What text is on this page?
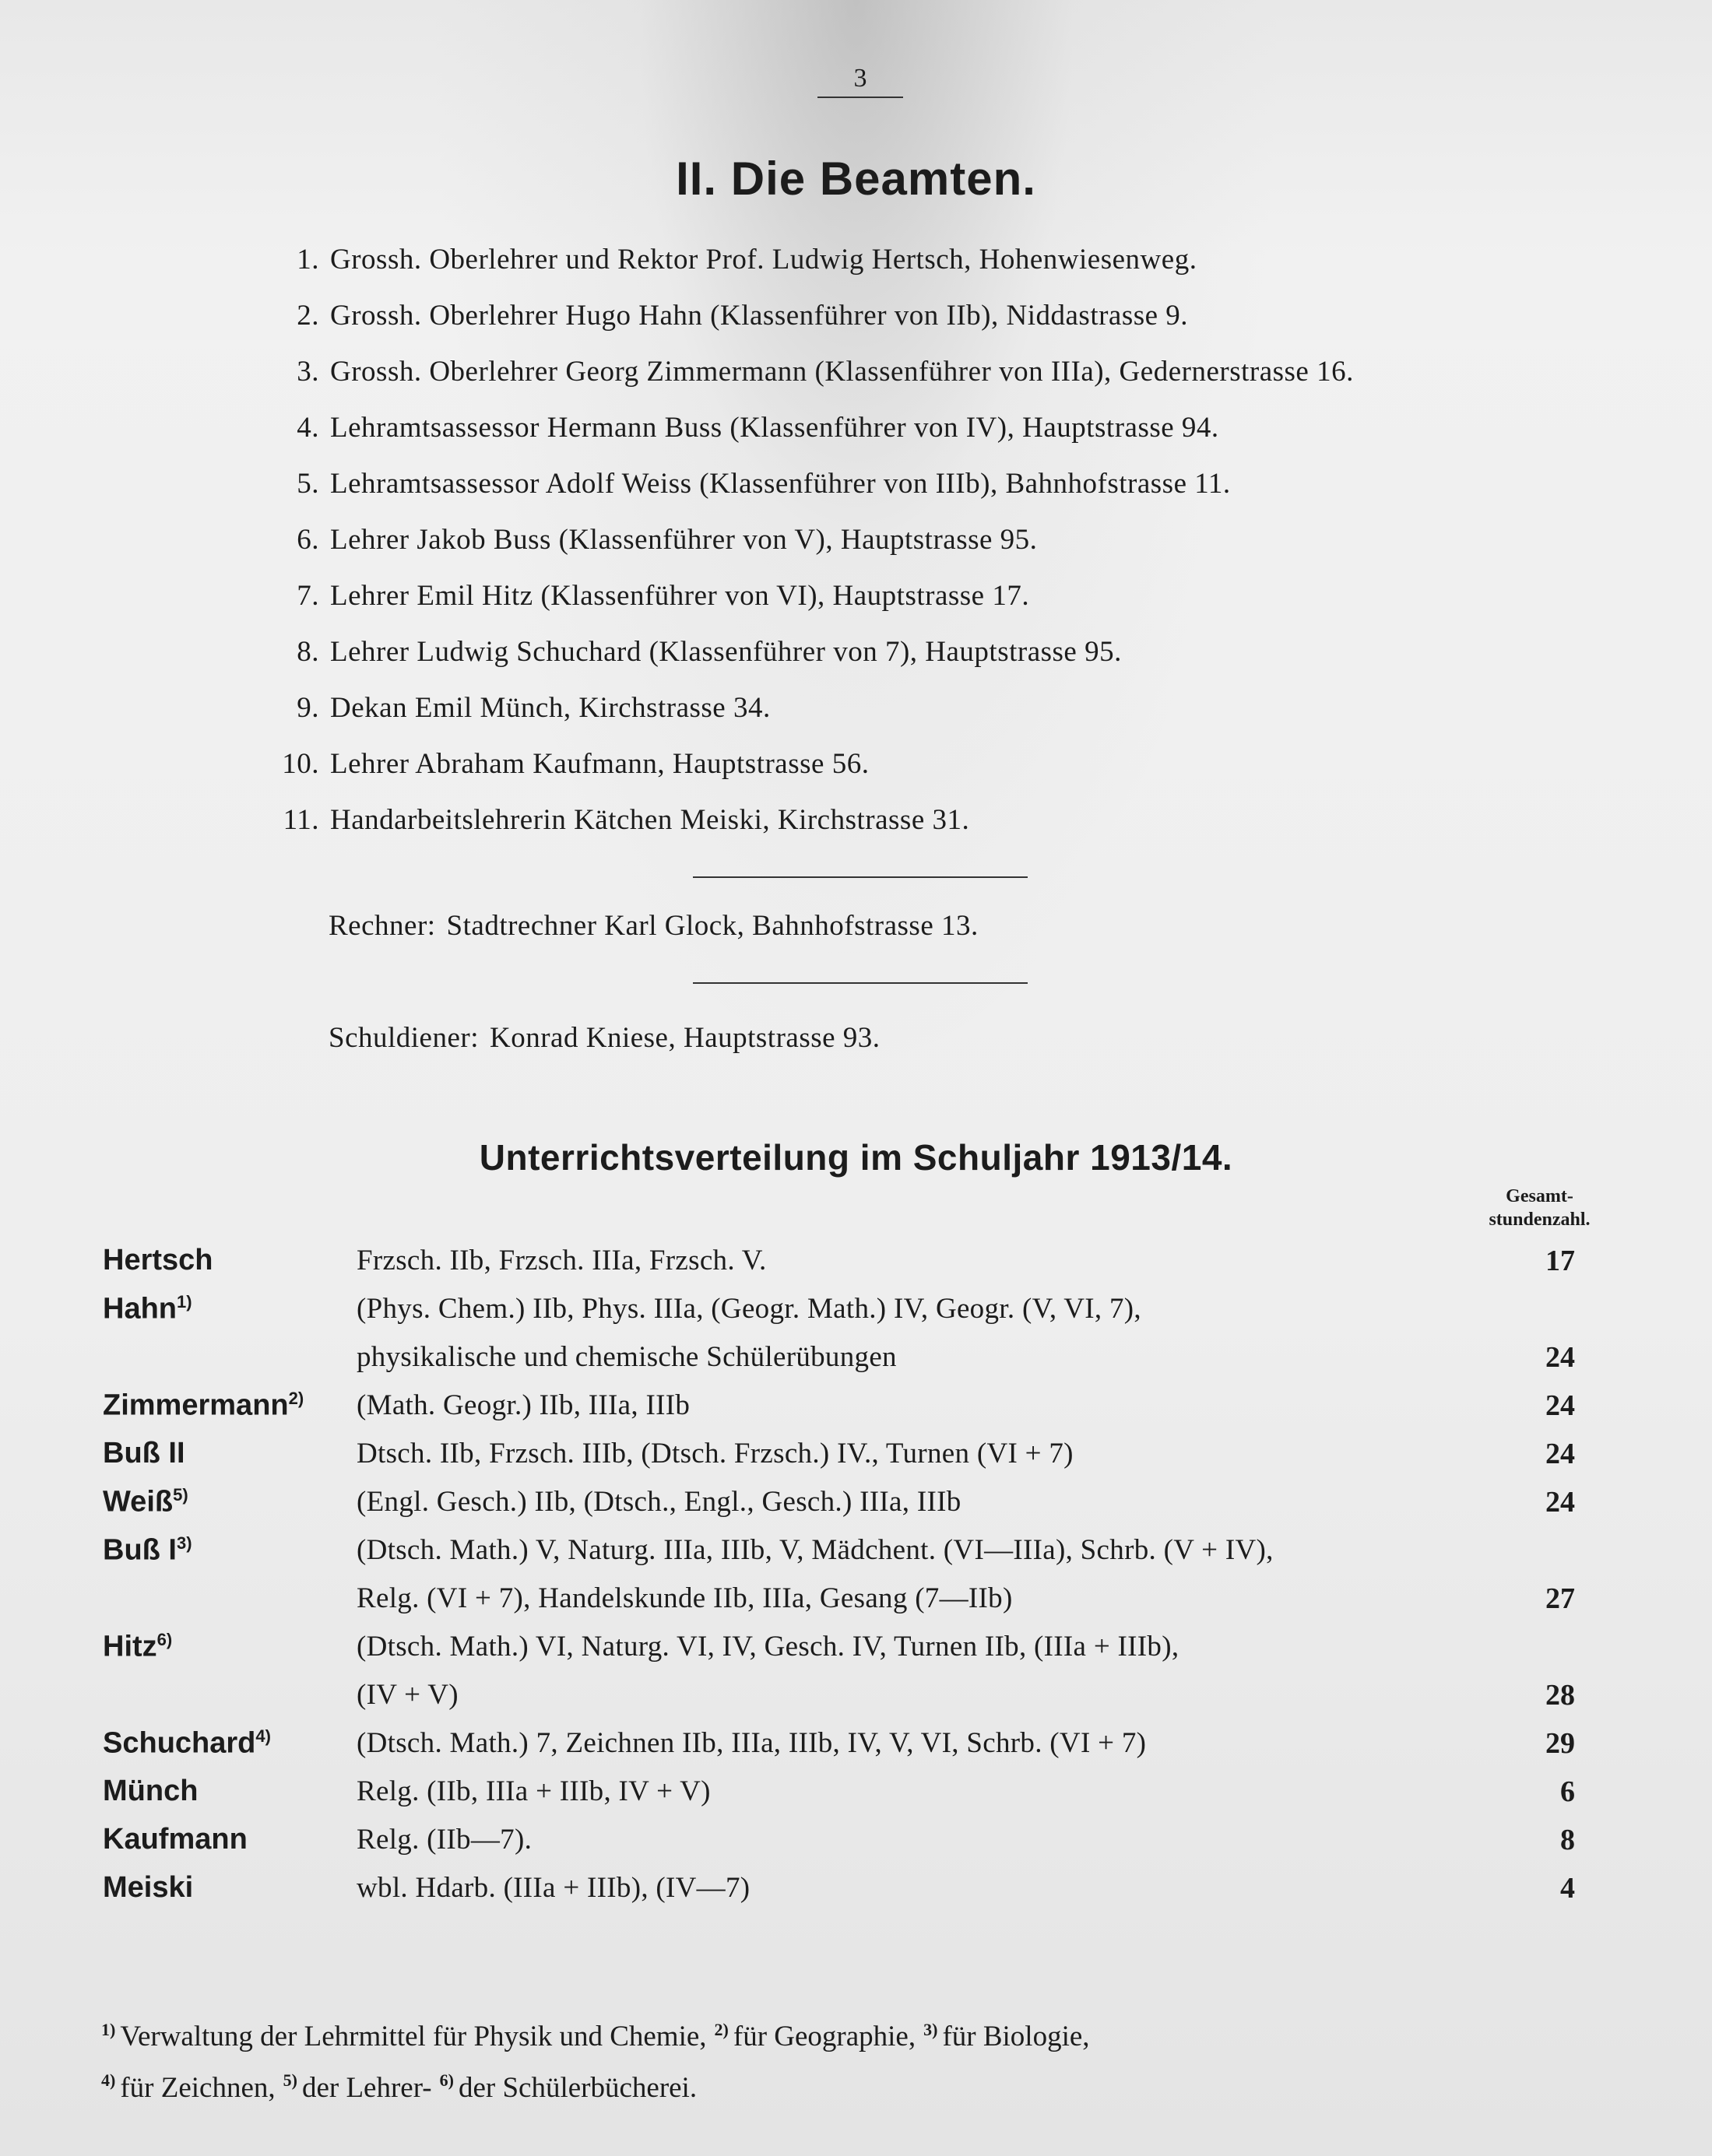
3
II. Die Beamten.
1. Grossh. Oberlehrer und Rektor Prof. Ludwig Hertsch, Hohenwiesenweg.
2. Grossh. Oberlehrer Hugo Hahn (Klassenführer von IIb), Niddastrasse 9.
3. Grossh. Oberlehrer Georg Zimmermann (Klassenführer von IIIa), Gedernerstrasse 16.
4. Lehramtsassessor Hermann Buss (Klassenführer von IV), Hauptstrasse 94.
5. Lehramtsassessor Adolf Weiss (Klassenführer von IIIb), Bahnhofstrasse 11.
6. Lehrer Jakob Buss (Klassenführer von V), Hauptstrasse 95.
7. Lehrer Emil Hitz (Klassenführer von VI), Hauptstrasse 17.
8. Lehrer Ludwig Schuchard (Klassenführer von 7), Hauptstrasse 95.
9. Dekan Emil Münch, Kirchstrasse 34.
10. Lehrer Abraham Kaufmann, Hauptstrasse 56.
11. Handarbeitslehrerin Kätchen Meiski, Kirchstrasse 31.
Rechner: Stadtrechner Karl Glock, Bahnhofstrasse 13.
Schuldiener: Konrad Kniese, Hauptstrasse 93.
Unterrichtsverteilung im Schuljahr 1913/14.
Gesamt-
stundenzahl.
Hertsch	Frzsch. IIb, Frzsch. IIIa, Frzsch. V.	17
Hahn$^{1)}$	(Phys. Chem.) IIb, Phys. IIIa, (Geogr. Math.) IV, Geogr. (V, VI, 7),
physikalische und chemische Schülerübungen	24
Zimmermann$^{2)}$ (Math. Geogr.) IIb, IIIa, IIIb	24
Buß II	Dtsch. IIb, Frzsch. IIIb, (Dtsch. Frzsch.) IV., Turnen (VI + 7)	24
Weiß$^{5)}$	(Engl. Gesch.) IIb, (Dtsch., Engl., Gesch.) IIIa, IIIb	24
Buß $I^{3)}$	(Dtsch. Math.) V, Naturg. IIIa, IIIb, V, Mädchent. (VI—IIIa), Schrb. (V + IV),
Relg. (VI + 7), Handelskunde IIb, IIIa, Gesang (7—IIb)	27
Hitz$^{6)}$	(Dtsch. Math.) VI, Naturg. VI, IV, Gesch. IV, Turnen IIb, (IIIa + IIIb),
(IV + V)	28
Schuchard$^{4)}$	(Dtsch. Math.) 7, Zeichnen IIb, IIIa, IIIb, IV, V, VI, Schrb. (VI + 7)	29
Münch	Relg. (IIb, IIIa + IIIb, IV + V)	6
Kaufmann	Relg. (IIb—7).	8
Meiski	wbl. Hdarb. (IIIa + IIIb), (IV—7)	4
$^{1)}$ Verwaltung der Lehrmittel für Physik und Chemie, $^{2)}$ für Geographie, $^{3)}$ für Biologie,
$^{4)}$ für Zeichnen, $^{5)}$ der Lehrer- $^{6)}$ der Schülerbücherei.
